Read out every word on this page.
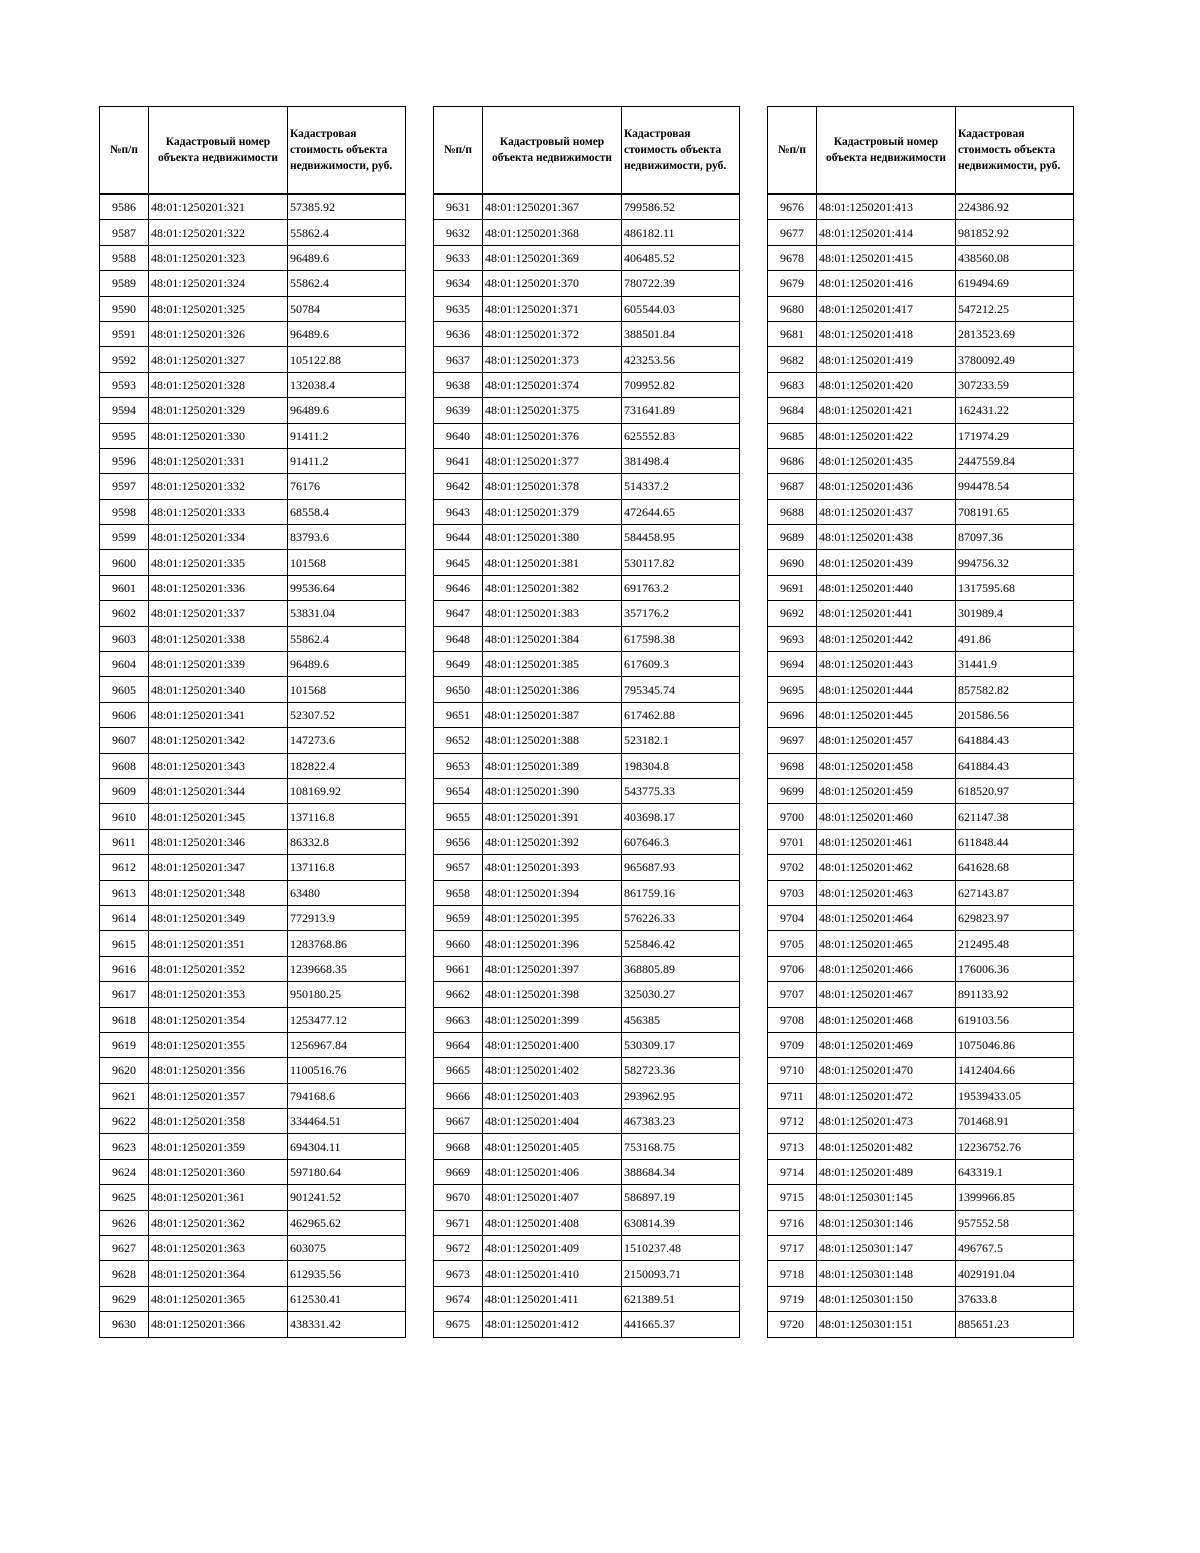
№п/п	Кадастровый номер объекта недвижимости	Кадастровая стоимость объекта недвижимости, руб.
9586	48:01:1250201:321	57385.92
9587	48:01:1250201:322	55862.4
9588	48:01:1250201:323	96489.6
9589	48:01:1250201:324	55862.4
9590	48:01:1250201:325	50784
9591	48:01:1250201:326	96489.6
9592	48:01:1250201:327	105122.88
9593	48:01:1250201:328	132038.4
9594	48:01:1250201:329	96489.6
9595	48:01:1250201:330	91411.2
9596	48:01:1250201:331	91411.2
9597	48:01:1250201:332	76176
9598	48:01:1250201:333	68558.4
9599	48:01:1250201:334	83793.6
9600	48:01:1250201:335	101568
9601	48:01:1250201:336	99536.64
9602	48:01:1250201:337	53831.04
9603	48:01:1250201:338	55862.4
9604	48:01:1250201:339	96489.6
9605	48:01:1250201:340	101568
9606	48:01:1250201:341	52307.52
9607	48:01:1250201:342	147273.6
9608	48:01:1250201:343	182822.4
9609	48:01:1250201:344	108169.92
9610	48:01:1250201:345	137116.8
9611	48:01:1250201:346	86332.8
9612	48:01:1250201:347	137116.8
9613	48:01:1250201:348	63480
9614	48:01:1250201:349	772913.9
9615	48:01:1250201:351	1283768.86
9616	48:01:1250201:352	1239668.35
9617	48:01:1250201:353	950180.25
9618	48:01:1250201:354	1253477.12
9619	48:01:1250201:355	1256967.84
9620	48:01:1250201:356	1100516.76
9621	48:01:1250201:357	794168.6
9622	48:01:1250201:358	334464.51
9623	48:01:1250201:359	694304.11
9624	48:01:1250201:360	597180.64
9625	48:01:1250201:361	901241.52
9626	48:01:1250201:362	462965.62
9627	48:01:1250201:363	603075
9628	48:01:1250201:364	612935.56
9629	48:01:1250201:365	612530.41
9630	48:01:1250201:366	438331.42
№п/п	Кадастровый номер объекта недвижимости	Кадастровая стоимость объекта недвижимости, руб.
9631	48:01:1250201:367	799586.52
9632	48:01:1250201:368	486182.11
9633	48:01:1250201:369	406485.52
9634	48:01:1250201:370	780722.39
9635	48:01:1250201:371	605544.03
9636	48:01:1250201:372	388501.84
9637	48:01:1250201:373	423253.56
9638	48:01:1250201:374	709952.82
9639	48:01:1250201:375	731641.89
9640	48:01:1250201:376	625552.83
9641	48:01:1250201:377	381498.4
9642	48:01:1250201:378	514337.2
9643	48:01:1250201:379	472644.65
9644	48:01:1250201:380	584458.95
9645	48:01:1250201:381	530117.82
9646	48:01:1250201:382	691763.2
9647	48:01:1250201:383	357176.2
9648	48:01:1250201:384	617598.38
9649	48:01:1250201:385	617609.3
9650	48:01:1250201:386	795345.74
9651	48:01:1250201:387	617462.88
9652	48:01:1250201:388	523182.1
9653	48:01:1250201:389	198304.8
9654	48:01:1250201:390	543775.33
9655	48:01:1250201:391	403698.17
9656	48:01:1250201:392	607646.3
9657	48:01:1250201:393	965687.93
9658	48:01:1250201:394	861759.16
9659	48:01:1250201:395	576226.33
9660	48:01:1250201:396	525846.42
9661	48:01:1250201:397	368805.89
9662	48:01:1250201:398	325030.27
9663	48:01:1250201:399	456385
9664	48:01:1250201:400	530309.17
9665	48:01:1250201:402	582723.36
9666	48:01:1250201:403	293962.95
9667	48:01:1250201:404	467383.23
9668	48:01:1250201:405	753168.75
9669	48:01:1250201:406	388684.34
9670	48:01:1250201:407	586897.19
9671	48:01:1250201:408	630814.39
9672	48:01:1250201:409	1510237.48
9673	48:01:1250201:410	2150093.71
9674	48:01:1250201:411	621389.51
9675	48:01:1250201:412	441665.37
№п/п	Кадастровый номер объекта недвижимости	Кадастровая стоимость объекта недвижимости, руб.
9676	48:01:1250201:413	224386.92
9677	48:01:1250201:414	981852.92
9678	48:01:1250201:415	438560.08
9679	48:01:1250201:416	619494.69
9680	48:01:1250201:417	547212.25
9681	48:01:1250201:418	2813523.69
9682	48:01:1250201:419	3780092.49
9683	48:01:1250201:420	307233.59
9684	48:01:1250201:421	162431.22
9685	48:01:1250201:422	171974.29
9686	48:01:1250201:435	2447559.84
9687	48:01:1250201:436	994478.54
9688	48:01:1250201:437	708191.65
9689	48:01:1250201:438	87097.36
9690	48:01:1250201:439	994756.32
9691	48:01:1250201:440	1317595.68
9692	48:01:1250201:441	301989.4
9693	48:01:1250201:442	491.86
9694	48:01:1250201:443	31441.9
9695	48:01:1250201:444	857582.82
9696	48:01:1250201:445	201586.56
9697	48:01:1250201:457	641884.43
9698	48:01:1250201:458	641884.43
9699	48:01:1250201:459	618520.97
9700	48:01:1250201:460	621147.38
9701	48:01:1250201:461	611848.44
9702	48:01:1250201:462	641628.68
9703	48:01:1250201:463	627143.87
9704	48:01:1250201:464	629823.97
9705	48:01:1250201:465	212495.48
9706	48:01:1250201:466	176006.36
9707	48:01:1250201:467	891133.92
9708	48:01:1250201:468	619103.56
9709	48:01:1250201:469	1075046.86
9710	48:01:1250201:470	1412404.66
9711	48:01:1250201:472	19539433.05
9712	48:01:1250201:473	701468.91
9713	48:01:1250201:482	12236752.76
9714	48:01:1250201:489	643319.1
9715	48:01:1250301:145	1399966.85
9716	48:01:1250301:146	957552.58
9717	48:01:1250301:147	496767.5
9718	48:01:1250301:148	4029191.04
9719	48:01:1250301:150	37633.8
9720	48:01:1250301:151	885651.23
